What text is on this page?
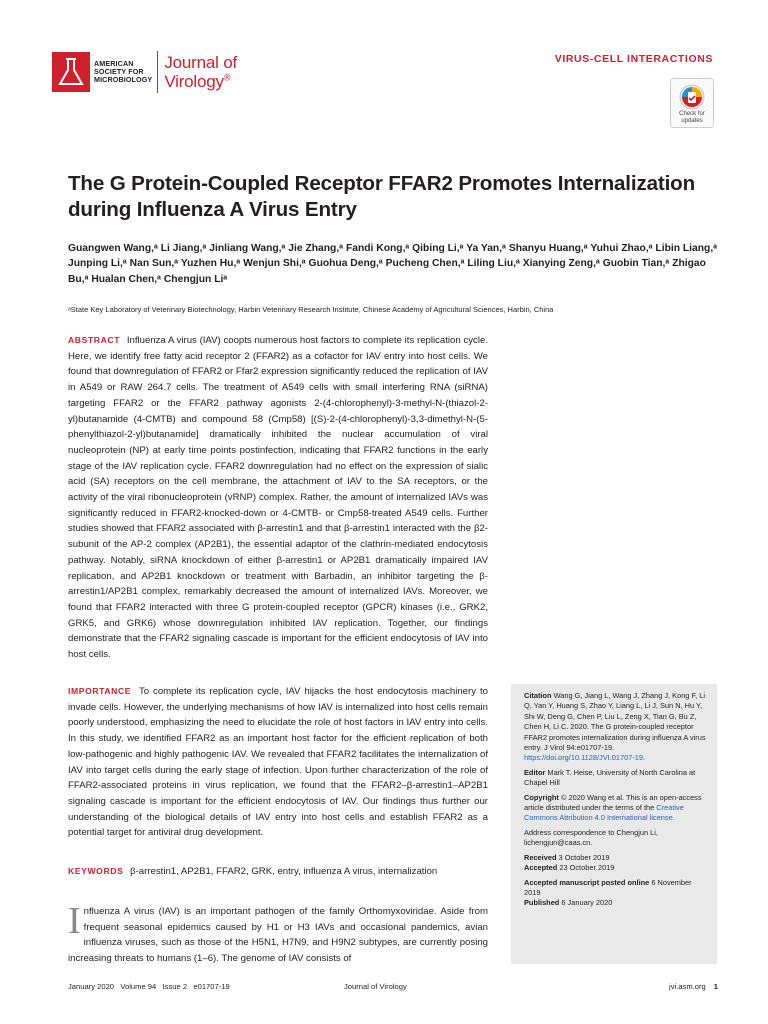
AMERICAN
SOCIETY FOR
MICROBIOLOGY
Journal of
Virology®
VIRUS-CELL INTERACTIONS
Check for
updates
The G Protein-Coupled Receptor FFAR2 Promotes Internalization during Influenza A Virus Entry
Guangwen Wang,ᵃ Li Jiang,ᵃ Jinliang Wang,ᵃ Jie Zhang,ᵃ Fandi Kong,ᵃ Qibing Li,ᵃ Ya Yan,ᵃ Shanyu Huang,ᵃ Yuhui Zhao,ᵃ Libin Liang,ᵃ Junping Li,ᵃ Nan Sun,ᵃ Yuzhen Hu,ᵃ Wenjun Shi,ᵃ Guohua Deng,ᵃ Pucheng Chen,ᵃ Liling Liu,ᵃ Xianying Zeng,ᵃ Guobin Tian,ᵃ Zhigao Bu,ᵃ Hualan Chen,ᵃ Chengjun Liᵃ
ᵃState Key Laboratory of Veterinary Biotechnology, Harbin Veterinary Research Institute, Chinese Academy of Agricultural Sciences, Harbin, China
ABSTRACT Influenza A virus (IAV) coopts numerous host factors to complete its replication cycle. Here, we identify free fatty acid receptor 2 (FFAR2) as a cofactor for IAV entry into host cells. We found that downregulation of FFAR2 or Ffar2 expression significantly reduced the replication of IAV in A549 or RAW 264.7 cells. The treatment of A549 cells with small interfering RNA (siRNA) targeting FFAR2 or the FFAR2 pathway agonists 2-(4-chlorophenyl)-3-methyl-N-(thiazol-2-yl)butanamide (4-CMTB) and compound 58 (Cmp58) [(S)-2-(4-chlorophenyl)-3,3-dimethyl-N-(5-phenylthiazol-2-yl)butanamide] dramatically inhibited the nuclear accumulation of viral nucleoprotein (NP) at early time points postinfection, indicating that FFAR2 functions in the early stage of the IAV replication cycle. FFAR2 downregulation had no effect on the expression of sialic acid (SA) receptors on the cell membrane, the attachment of IAV to the SA receptors, or the activity of the viral ribonucleoprotein (vRNP) complex. Rather, the amount of internalized IAVs was significantly reduced in FFAR2-knocked-down or 4-CMTB- or Cmp58-treated A549 cells. Further studies showed that FFAR2 associated with β-arrestin1 and that β-arrestin1 interacted with the β2-subunit of the AP-2 complex (AP2B1), the essential adaptor of the clathrin-mediated endocytosis pathway. Notably, siRNA knockdown of either β-arrestin1 or AP2B1 dramatically impaired IAV replication, and AP2B1 knockdown or treatment with Barbadin, an inhibitor targeting the β-arrestin1/AP2B1 complex, remarkably decreased the amount of internalized IAVs. Moreover, we found that FFAR2 interacted with three G protein-coupled receptor (GPCR) kinases (i.e., GRK2, GRK5, and GRK6) whose downregulation inhibited IAV replication. Together, our findings demonstrate that the FFAR2 signaling cascade is important for the efficient endocytosis of IAV into host cells.
IMPORTANCE To complete its replication cycle, IAV hijacks the host endocytosis machinery to invade cells. However, the underlying mechanisms of how IAV is internalized into host cells remain poorly understood, emphasizing the need to elucidate the role of host factors in IAV entry into cells. In this study, we identified FFAR2 as an important host factor for the efficient replication of both low-pathogenic and highly pathogenic IAV. We revealed that FFAR2 facilitates the internalization of IAV into target cells during the early stage of infection. Upon further characterization of the role of FFAR2-associated proteins in virus replication, we found that the FFAR2–β-arrestin1–AP2B1 signaling cascade is important for the efficient endocytosis of IAV. Our findings thus further our understanding of the biological details of IAV entry into host cells and establish FFAR2 as a potential target for antiviral drug development.
KEYWORDS β-arrestin1, AP2B1, FFAR2, GRK, entry, influenza A virus, internalization
I nfluenza A virus (IAV) is an important pathogen of the family Orthomyxoviridae. Aside from frequent seasonal epidemics caused by H1 or H3 IAVs and occasional pandemics, avian influenza viruses, such as those of the H5N1, H7N9, and H9N2 subtypes, are currently posing increasing threats to humans (1–6). The genome of IAV consists of

Citation Wang G, Jiang L, Wang J, Zhang J, Kong F, Li Q, Yan Y, Huang S, Zhao Y, Liang L, Li J, Sun N, Hu Y, Shi W, Deng G, Chen P, Liu L, Zeng X, Tian G, Bu Z, Chen H, Li C. 2020. The G protein-coupled receptor FFAR2 promotes internalization during influenza A virus entry. J Virol 94:e01707-19. https://doi.org/10.1128/JVI.01707-19.

Editor Mark T. Heise, University of North Carolina at Chapel Hill

Copyright © 2020 Wang et al. This is an open-access article distributed under the terms of the Creative Commons Attribution 4.0 International license.

Address correspondence to Chengjun Li, lichengjun@caas.cn.

Received 3 October 2019

Accepted 23 October 2019

Accepted manuscript posted online 6 November 2019

Published 6 January 2020

January 2020   Volume 94   Issue 2   e01707-19	Journal of Virology	jvi.asm.org 1
